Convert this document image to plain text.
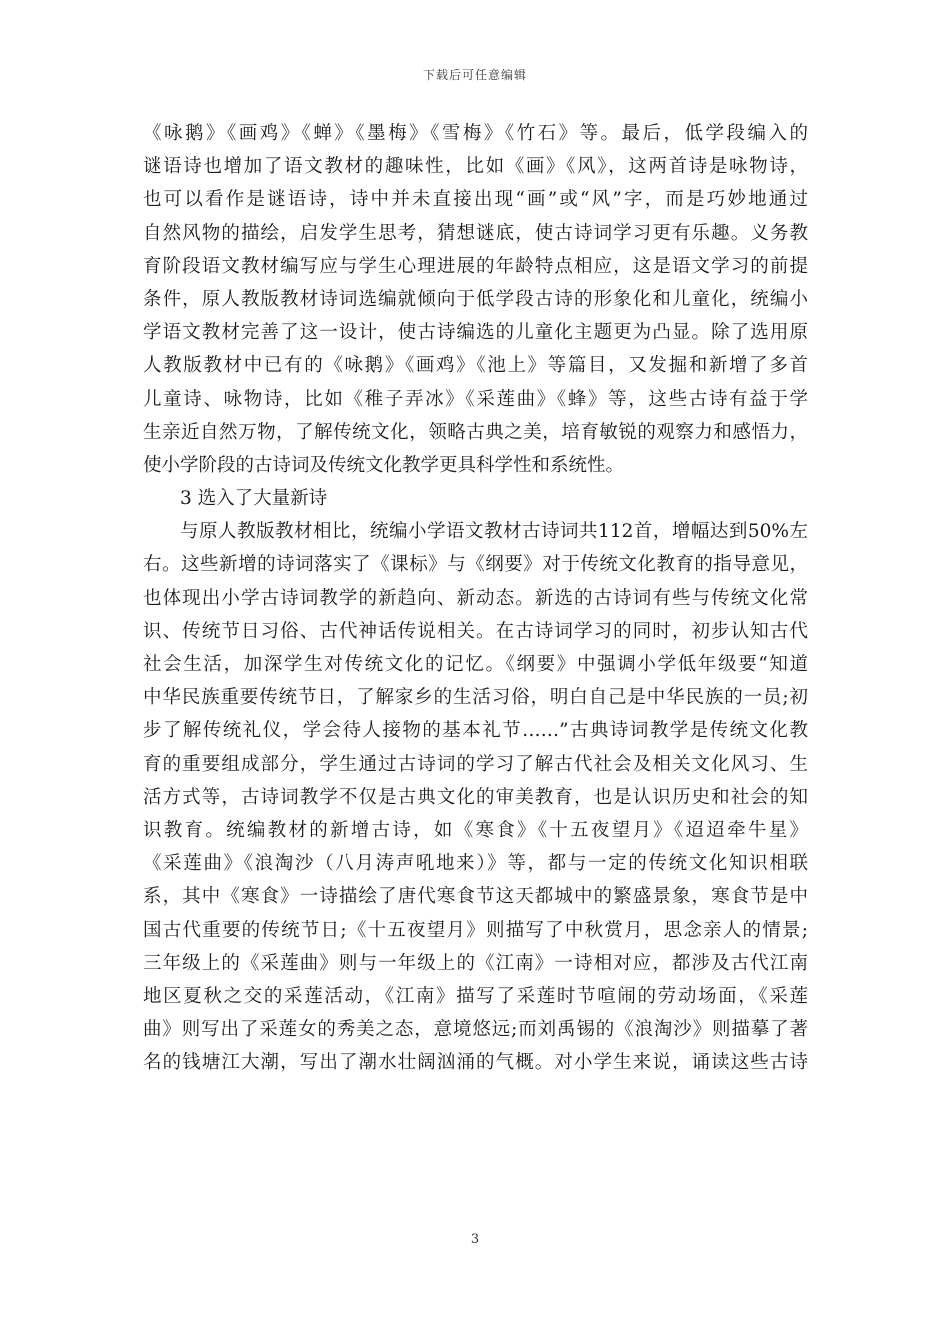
下载后可任意编辑
《咏鹅》《画鸡》《蝉》《墨梅》《雪梅》《竹石》等。最后，低学段编入的
谜语诗也增加了语文教材的趣味性，比如《画》《风》，这两首诗是咏物诗，
也可以看作是谜语诗，诗中并未直接出现“画”或“风”字，而是巧妙地通过
自然风物的描绘，启发学生思考，猜想谜底，使古诗词学习更有乐趣。义务教
育阶段语文教材编写应与学生心理进展的年龄特点相应，这是语文学习的前提
条件，原人教版教材诗词选编就倾向于低学段古诗的形象化和儿童化，统编小
学语文教材完善了这一设计，使古诗编选的儿童化主题更为凸显。除了选用原
人教版教材中已有的《咏鹅》《画鸡》《池上》等篇目，又发掘和新增了多首
儿童诗、咏物诗，比如《稚子弄冰》《采莲曲》《蜂》等，这些古诗有益于学
生亲近自然万物，了解传统文化，领略古典之美，培育敏锐的观察力和感悟力，
使小学阶段的古诗词及传统文化教学更具科学性和系统性。
3 选入了大量新诗
与原人教版教材相比，统编小学语文教材古诗词共112首，增幅达到50%左
右。这些新增的诗词落实了《课标》与《纲要》对于传统文化教育的指导意见，
也体现出小学古诗词教学的新趋向、新动态。新选的古诗词有些与传统文化常
识、传统节日习俗、古代神话传说相关。在古诗词学习的同时，初步认知古代
社会生活，加深学生对传统文化的记忆。《纲要》中强调小学低年级要“知道
中华民族重要传统节日，了解家乡的生活习俗，明白自己是中华民族的一员;初
步了解传统礼仪，学会待人接物的基本礼节……”古典诗词教学是传统文化教
育的重要组成部分，学生通过古诗词的学习了解古代社会及相关文化风习、生
活方式等，古诗词教学不仅是古典文化的审美教育，也是认识历史和社会的知
识教育。统编教材的新增古诗，如《寒食》《十五夜望月》《迢迢牵牛星》
《采莲曲》《浪淘沙（八月涛声吼地来）》等，都与一定的传统文化知识相联
系，其中《寒食》一诗描绘了唐代寒食节这天都城中的繁盛景象，寒食节是中
国古代重要的传统节日;《十五夜望月》则描写了中秋赏月，思念亲人的情景;
三年级上的《采莲曲》则与一年级上的《江南》一诗相对应，都涉及古代江南
地区夏秋之交的采莲活动，《江南》描写了采莲时节喧闹的劳动场面，《采莲
曲》则写出了采莲女的秀美之态，意境悠远;而刘禹锡的《浪淘沙》则描摹了著
名的钱塘江大潮，写出了潮水壮阔汹涌的气概。对小学生来说，诵读这些古诗
3
